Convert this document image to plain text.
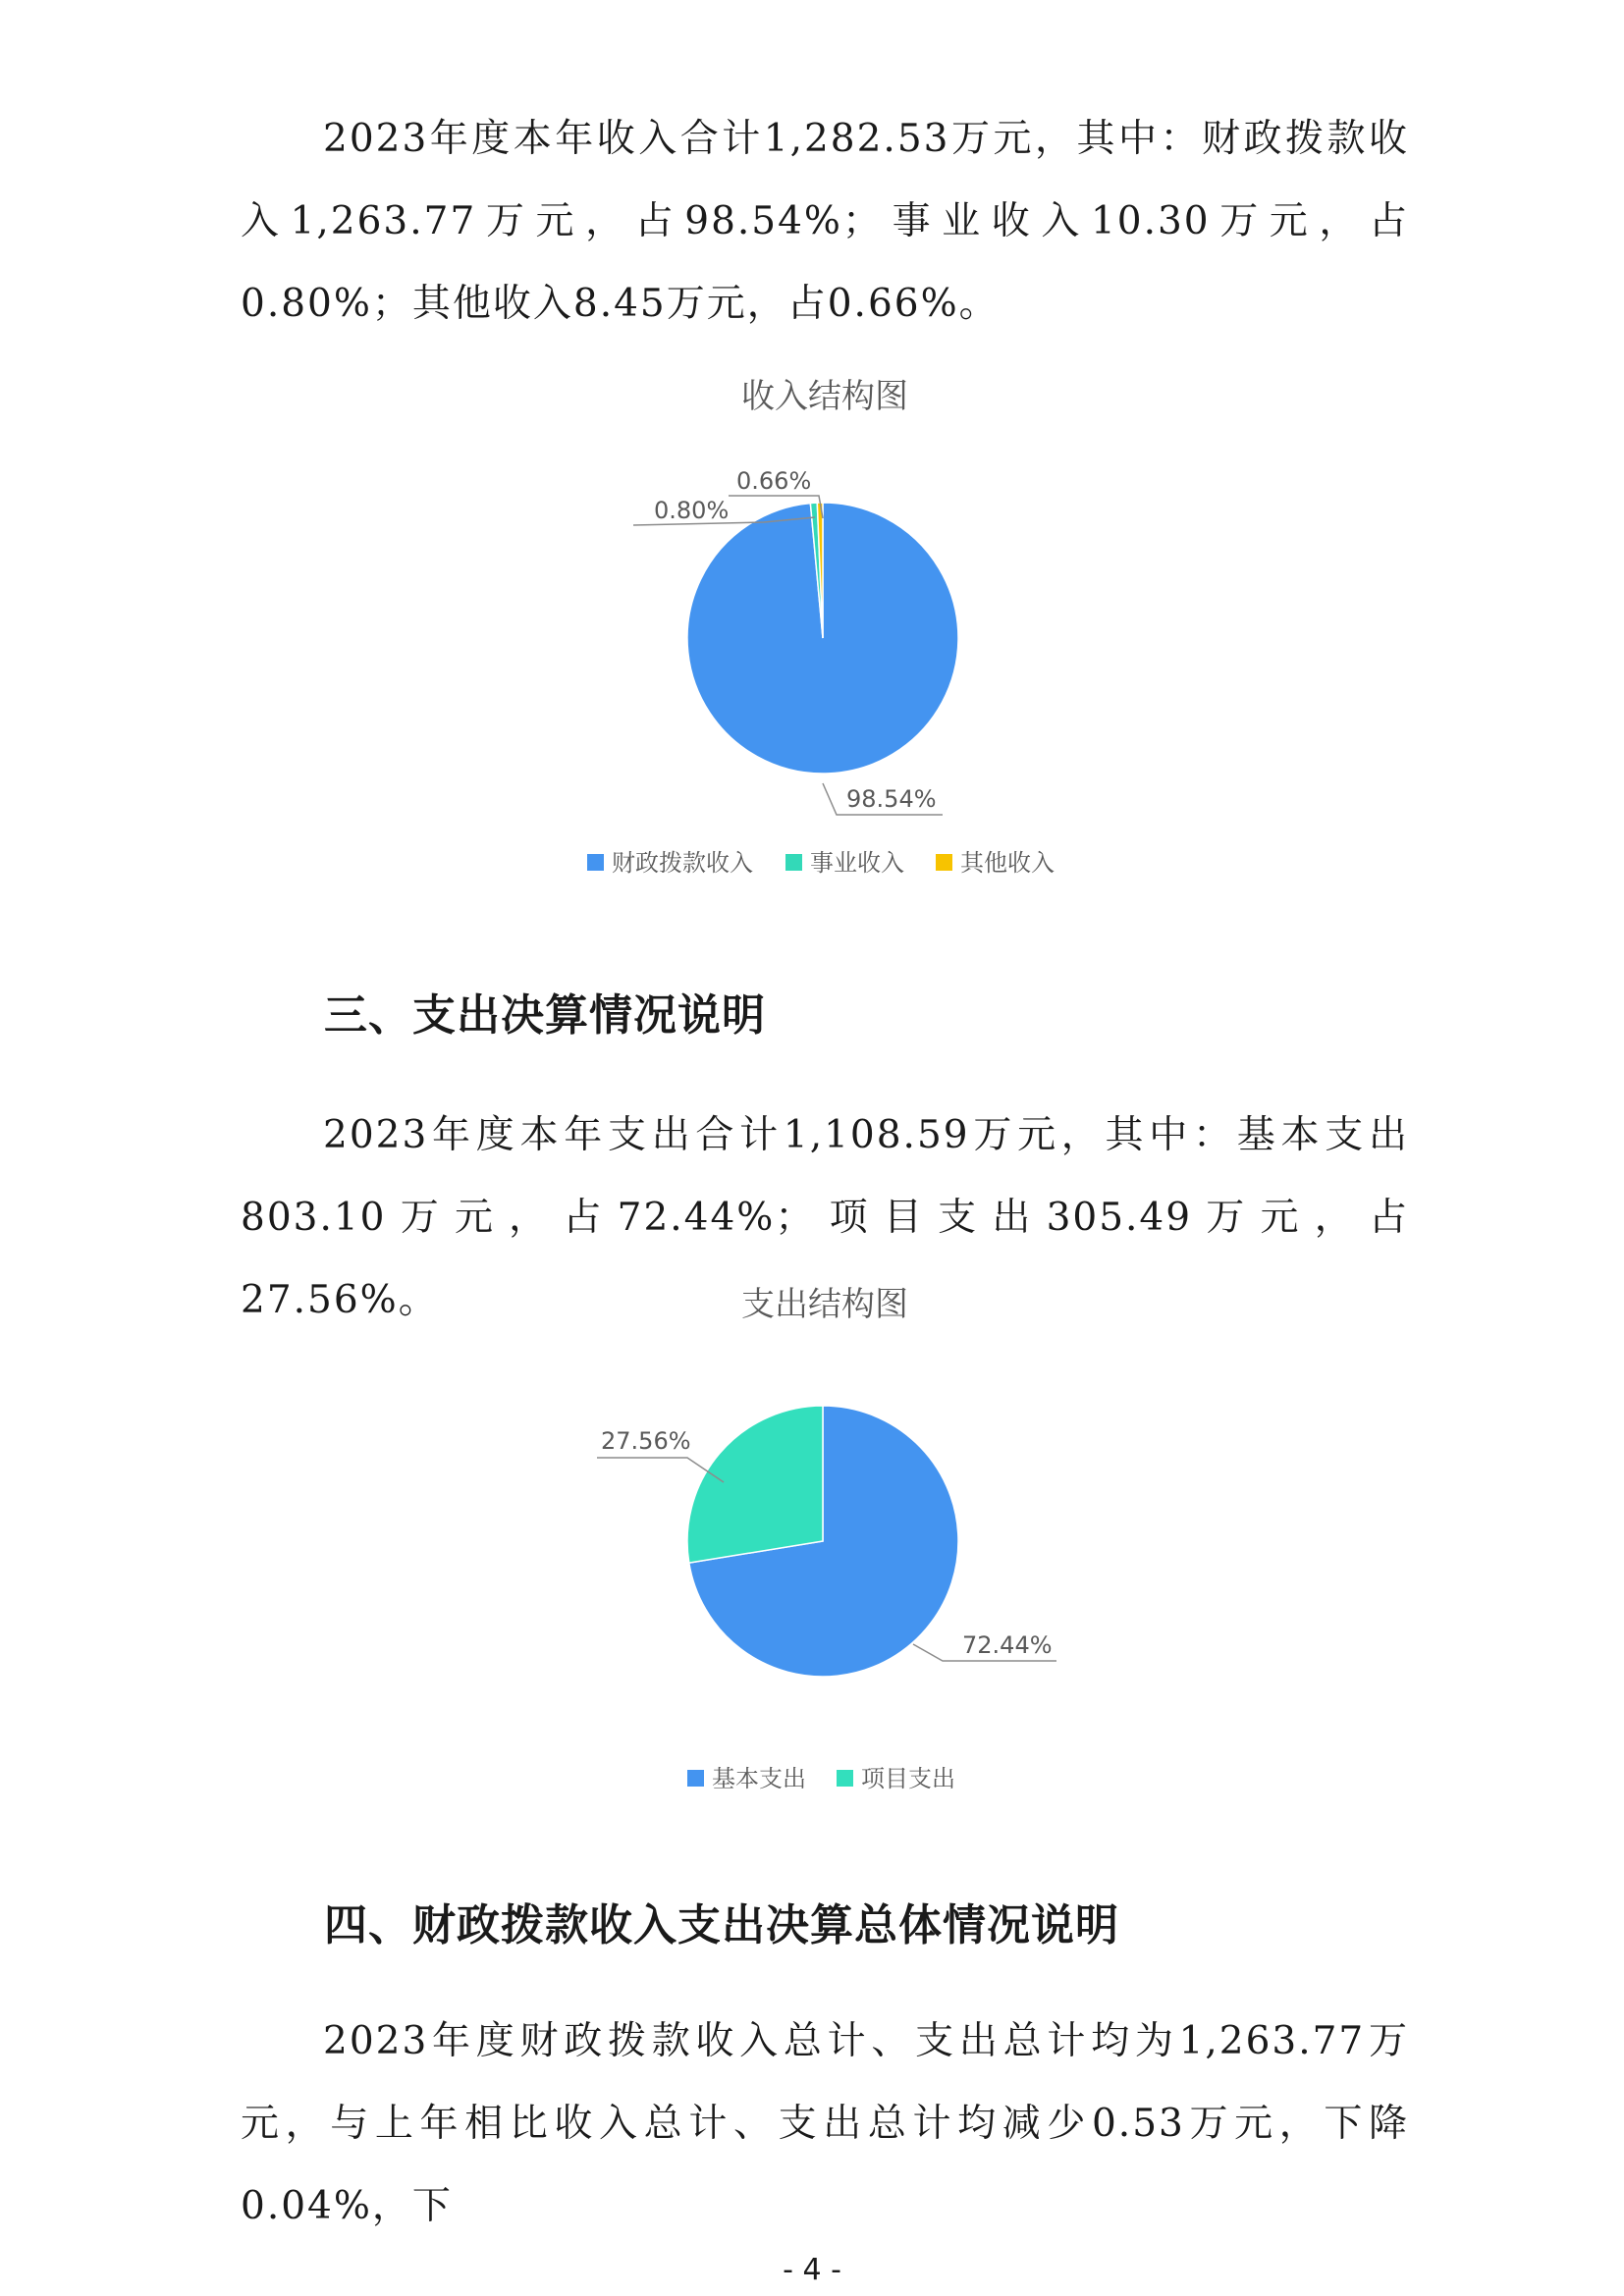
2023年度本年收入合计1,282.53万元，其中：财政拨款收入1,263.77万元，占98.54%；事业收入10.30万元，占0.80%；其他收入8.45万元，占0.66%。

收入结构图
0.66%
0.80%
98.54%
财政拨款收入 事业收入 其他收入
三、支出决算情况说明

2023年度本年支出合计1,108.59万元，其中：基本支出803.10万元，占72.44%；项目支出305.49万元，占27.56%。	支出结构图
27.56%
72.44%
基本支出 项目支出
四、财政拨款收入支出决算总体情况说明

2023年度财政拨款收入总计、支出总计均为1,263.77万元，与上年相比收入总计、支出总计均减少0.53万元，下降0.04%，下

- 4 -
